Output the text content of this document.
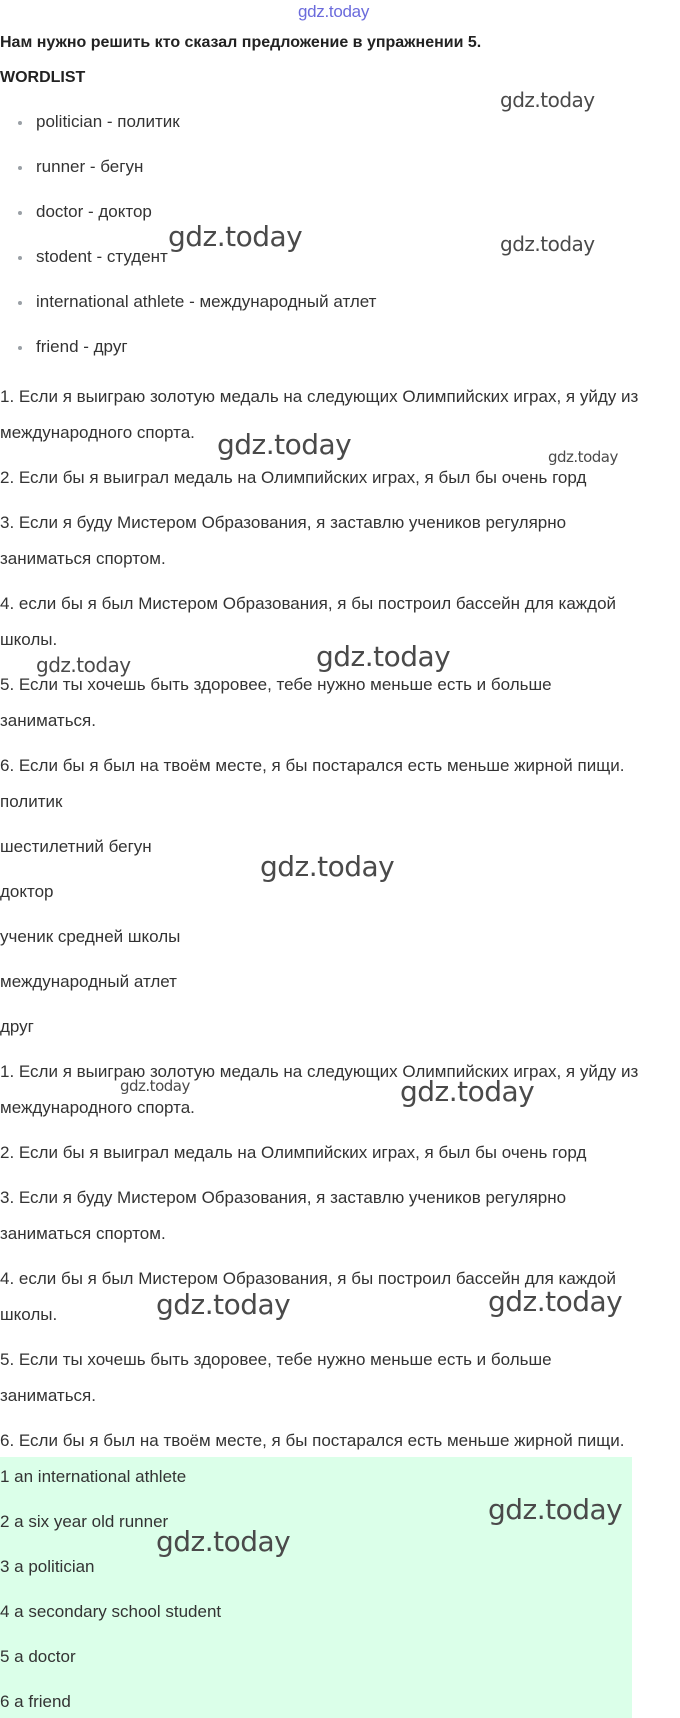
gdz.today
Нам нужно решить кто сказал предложение в упражнении 5.
WORDLIST
politician - политик
runner - бегун
doctor - доктор
stodent - студент
international athlete - международный атлет
friend - друг
1. Если я выиграю золотую медаль на следующих Олимпийских играх, я уйду из
международного спорта.
2. Если бы я выиграл медаль на Олимпийских играх, я был бы очень горд
3. Если я буду Мистером Образования, я заставлю учеников регулярно
заниматься спортом.
4. если бы я был Мистером Образования, я бы построил бассейн для каждой
школы.
5. Если ты хочешь быть здоровее, тебе нужно меньше есть и больше
заниматься.
6. Если бы я был на твоём месте, я бы постарался есть меньше жирной пищи.
политик
шестилетний бегун
доктор
ученик средней школы
международный атлет
друг
1. Если я выиграю золотую медаль на следующих Олимпийских играх, я уйду из
международного спорта.
2. Если бы я выиграл медаль на Олимпийских играх, я был бы очень горд
3. Если я буду Мистером Образования, я заставлю учеников регулярно
заниматься спортом.
4. если бы я был Мистером Образования, я бы построил бассейн для каждой
школы.
5. Если ты хочешь быть здоровее, тебе нужно меньше есть и больше
заниматься.
6. Если бы я был на твоём месте, я бы постарался есть меньше жирной пищи.
1 an international athlete
2 a six year old runner
3 a politician
4 a secondary school student
5 a doctor
6 a friend
gdz.today
gdz.today	gdz.today
gdz.today	gdz.today
gdz.today	gdz.today
gdz.today
gdz.today	gdz.today
gdz.today	gdz.today
gdz.today
gdz.today
